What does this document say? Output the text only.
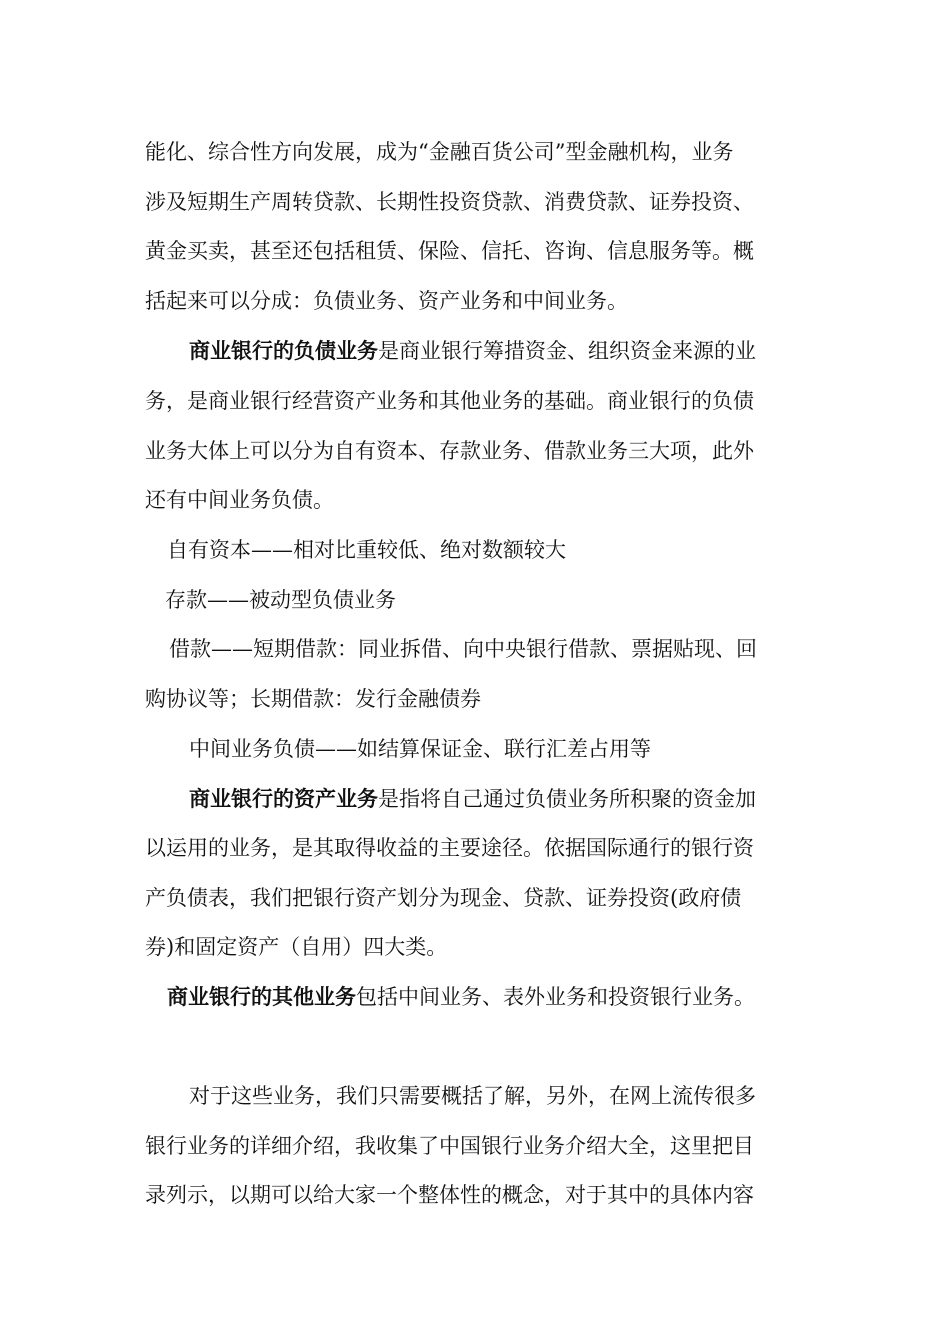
能化、综合性方向发展，成为“金融百货公司”型金融机构，业务
涉及短期生产周转贷款、长期性投资贷款、消费贷款、证券投资、
黄金买卖，甚至还包括租赁、保险、信托、咨询、信息服务等。概
括起来可以分成：负债业务、资产业务和中间业务。
商业银行的负债业务是商业银行筹措资金、组织资金来源的业
务，是商业银行经营资产业务和其他业务的基础。商业银行的负债
业务大体上可以分为自有资本、存款业务、借款业务三大项，此外
还有中间业务负债。
自有资本——相对比重较低、绝对数额较大
存款——被动型负债业务
借款——短期借款：同业拆借、向中央银行借款、票据贴现、回
购协议等；长期借款：发行金融债券
中间业务负债——如结算保证金、联行汇差占用等
商业银行的资产业务是指将自己通过负债业务所积聚的资金加
以运用的业务，是其取得收益的主要途径。依据国际通行的银行资
产负债表，我们把银行资产划分为现金、贷款、证券投资(政府债
券)和固定资产（自用）四大类。
商业银行的其他业务包括中间业务、表外业务和投资银行业务。
对于这些业务，我们只需要概括了解，另外，在网上流传很多
银行业务的详细介绍，我收集了中国银行业务介绍大全，这里把目
录列示，以期可以给大家一个整体性的概念，对于其中的具体内容
